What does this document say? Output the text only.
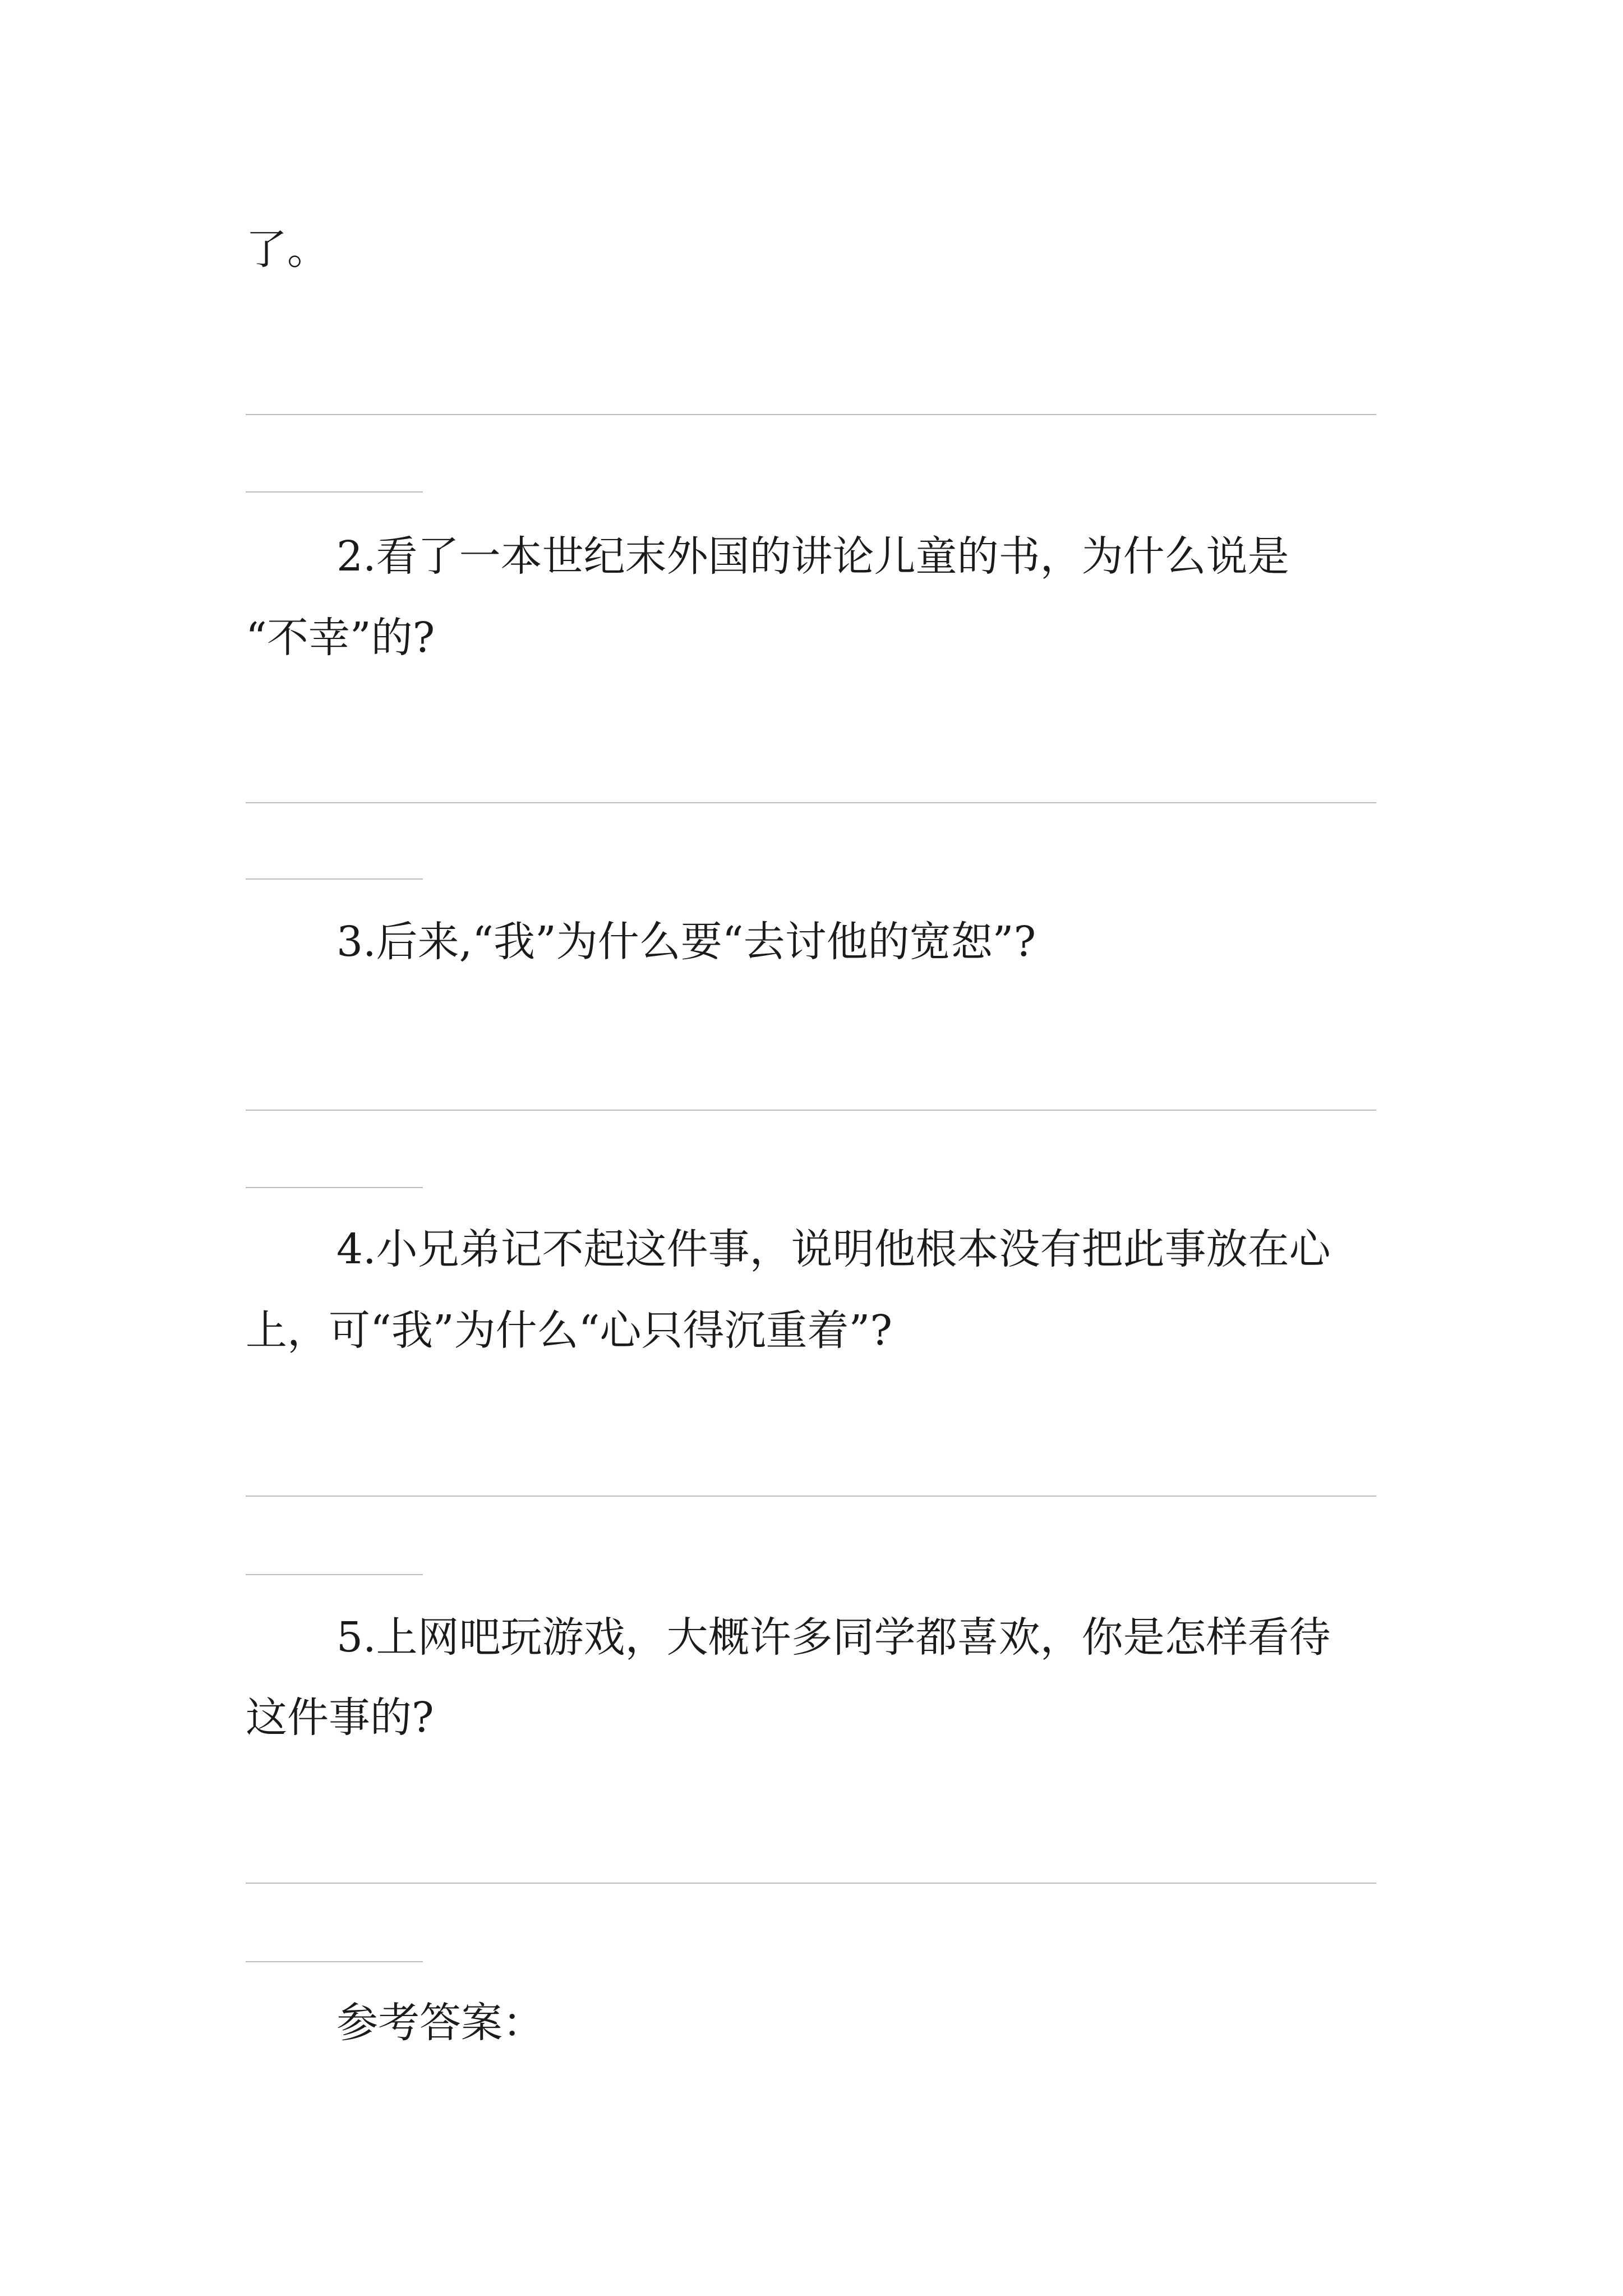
了。
2.看了一本世纪末外国的讲论儿童的书，为什么说是
“不幸”的?
3.后来,“我”为什么要“去讨他的宽恕”?
4.小兄弟记不起这件事，说明他根本没有把此事放在心
上，可“我”为什么“心只得沉重着”?
5.上网吧玩游戏，大概许多同学都喜欢，你是怎样看待
这件事的?
参考答案：
